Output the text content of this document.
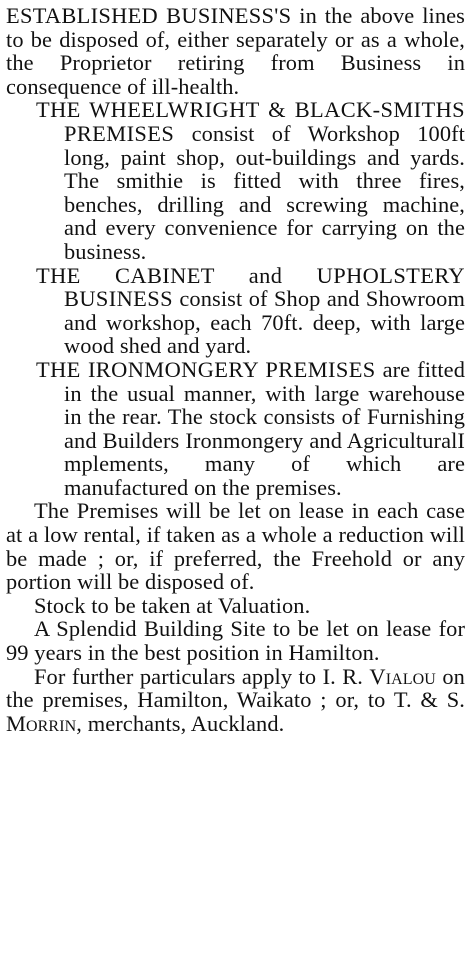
ESTABLISHED BUSINESS'S in the above lines to be disposed of, either separately or as a whole, the Proprietor retiring from Business in consequence of ill-health.

THE WHEELWRIGHT & BLACK-SMITHS PREMISES consist of Workshop 100ft long, paint shop, out-buildings and yards. The smithie is fitted with three fires, benches, drilling and screwing machine, and every convenience for carrying on the business.

THE CABINET and UPHOLSTERY BUSINESS consist of Shop and Showroom and workshop, each 70ft. deep, with large wood shed and yard.

THE IRONMONGERY PREMISES are fitted in the usual manner, with large warehouse in the rear. The stock consists of Furnishing and Builders Ironmongery and AgriculturalI mplements, many of which are manufactured on the premises.

The Premises will be let on lease in each case at a low rental, if taken as a whole a reduction will be made ; or, if preferred, the Freehold or any portion will be disposed of.

Stock to be taken at Valuation.

A Splendid Building Site to be let on lease for 99 years in the best position in Hamilton.

For further particulars apply to I. R. Vialou on the premises, Hamilton, Waikato ; or, to T. & S. Morrin, merchants, Auckland.
